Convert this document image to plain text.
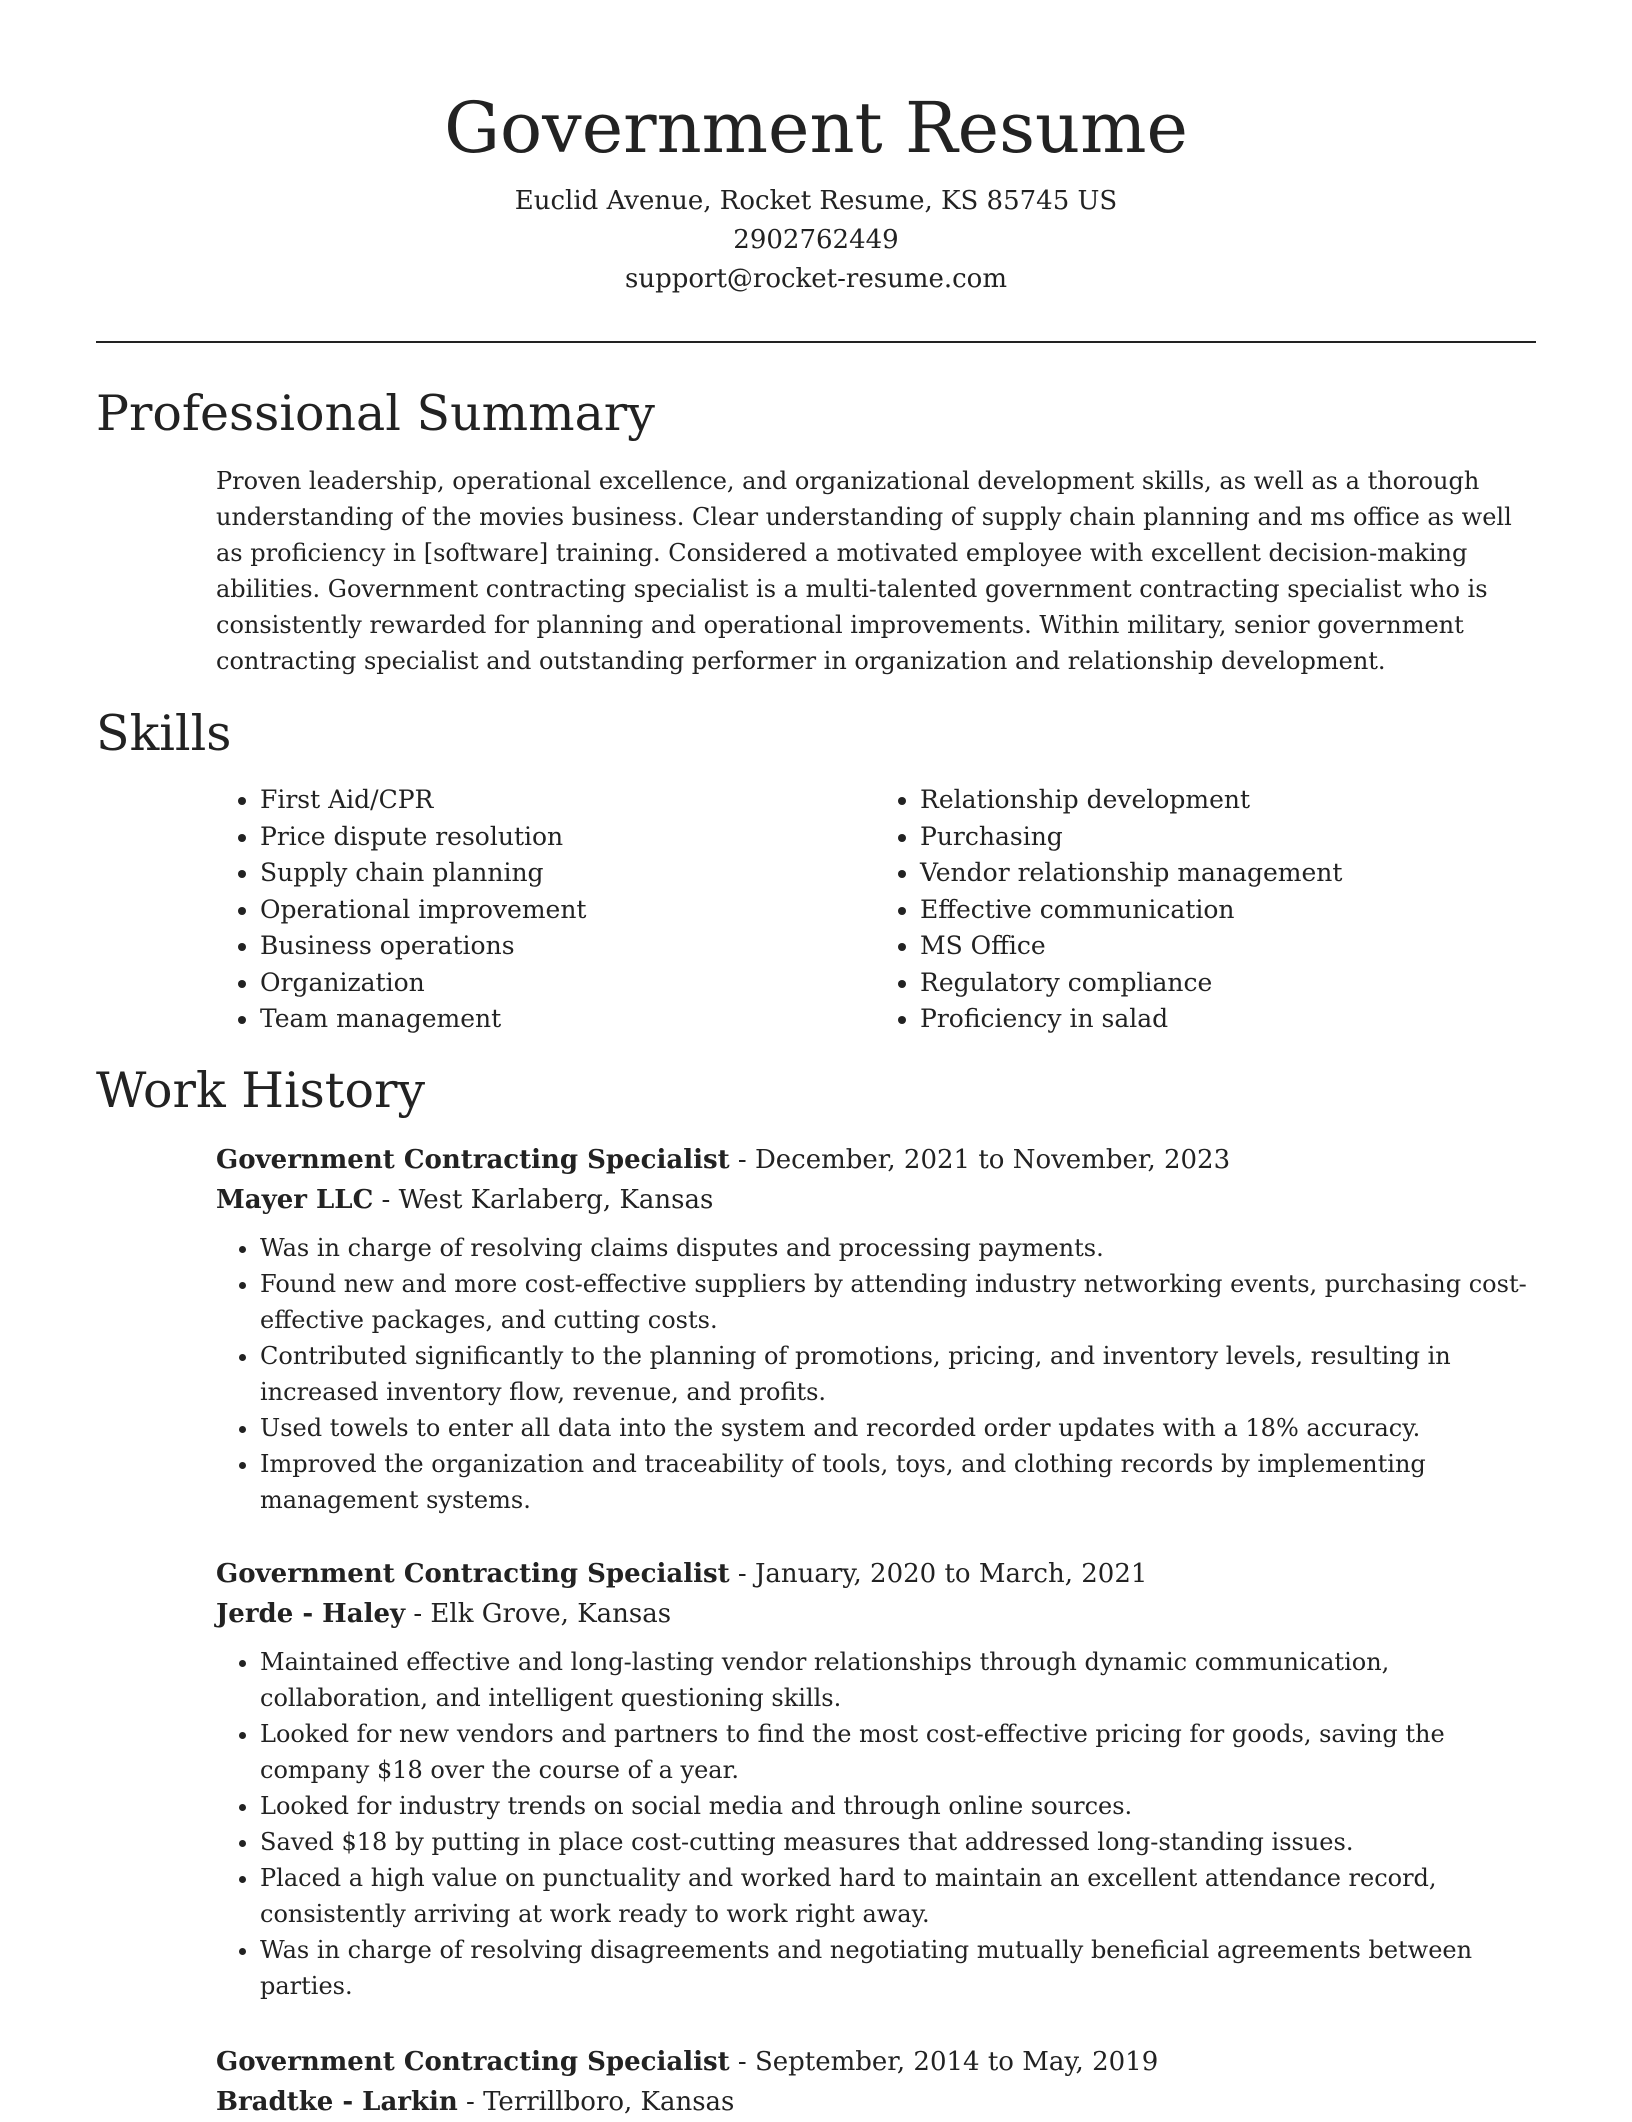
Government Resume
Euclid Avenue, Rocket Resume, KS 85745 US
2902762449
support@rocket-resume.com
Professional Summary

Proven leadership, operational excellence, and organizational development skills, as well as a thorough understanding of the movies business. Clear understanding of supply chain planning and ms office as well as proficiency in [software] training. Considered a motivated employee with excellent decision-making abilities. Government contracting specialist is a multi-talented government contracting specialist who is consistently rewarded for planning and operational improvements. Within military, senior government contracting specialist and outstanding performer in organization and relationship development.

Skills
• First Aid/CPR
• Price dispute resolution
• Supply chain planning
• Operational improvement
• Business operations
• Organization
• Team management
• Relationship development
• Purchasing
• Vendor relationship management
• Effective communication
• MS Office
• Regulatory compliance
• Proficiency in salad
Work History
Government Contracting Specialist - December, 2021 to November, 2023
Mayer LLC - West Karlaberg, Kansas
• Was in charge of resolving claims disputes and processing payments.
• Found new and more cost-effective suppliers by attending industry networking events, purchasing cost-effective packages, and cutting costs.
• Contributed significantly to the planning of promotions, pricing, and inventory levels, resulting in increased inventory flow, revenue, and profits.
• Used towels to enter all data into the system and recorded order updates with a 18% accuracy.
• Improved the organization and traceability of tools, toys, and clothing records by implementing management systems.
Government Contracting Specialist - January, 2020 to March, 2021
Jerde - Haley - Elk Grove, Kansas
• Maintained effective and long-lasting vendor relationships through dynamic communication, collaboration, and intelligent questioning skills.
• Looked for new vendors and partners to find the most cost-effective pricing for goods, saving the company $18 over the course of a year.
• Looked for industry trends on social media and through online sources.
• Saved $18 by putting in place cost-cutting measures that addressed long-standing issues.
• Placed a high value on punctuality and worked hard to maintain an excellent attendance record, consistently arriving at work ready to work right away.
• Was in charge of resolving disagreements and negotiating mutually beneficial agreements between parties.
Government Contracting Specialist - September, 2014 to May, 2019
Bradtke - Larkin - Terrillboro, Kansas
